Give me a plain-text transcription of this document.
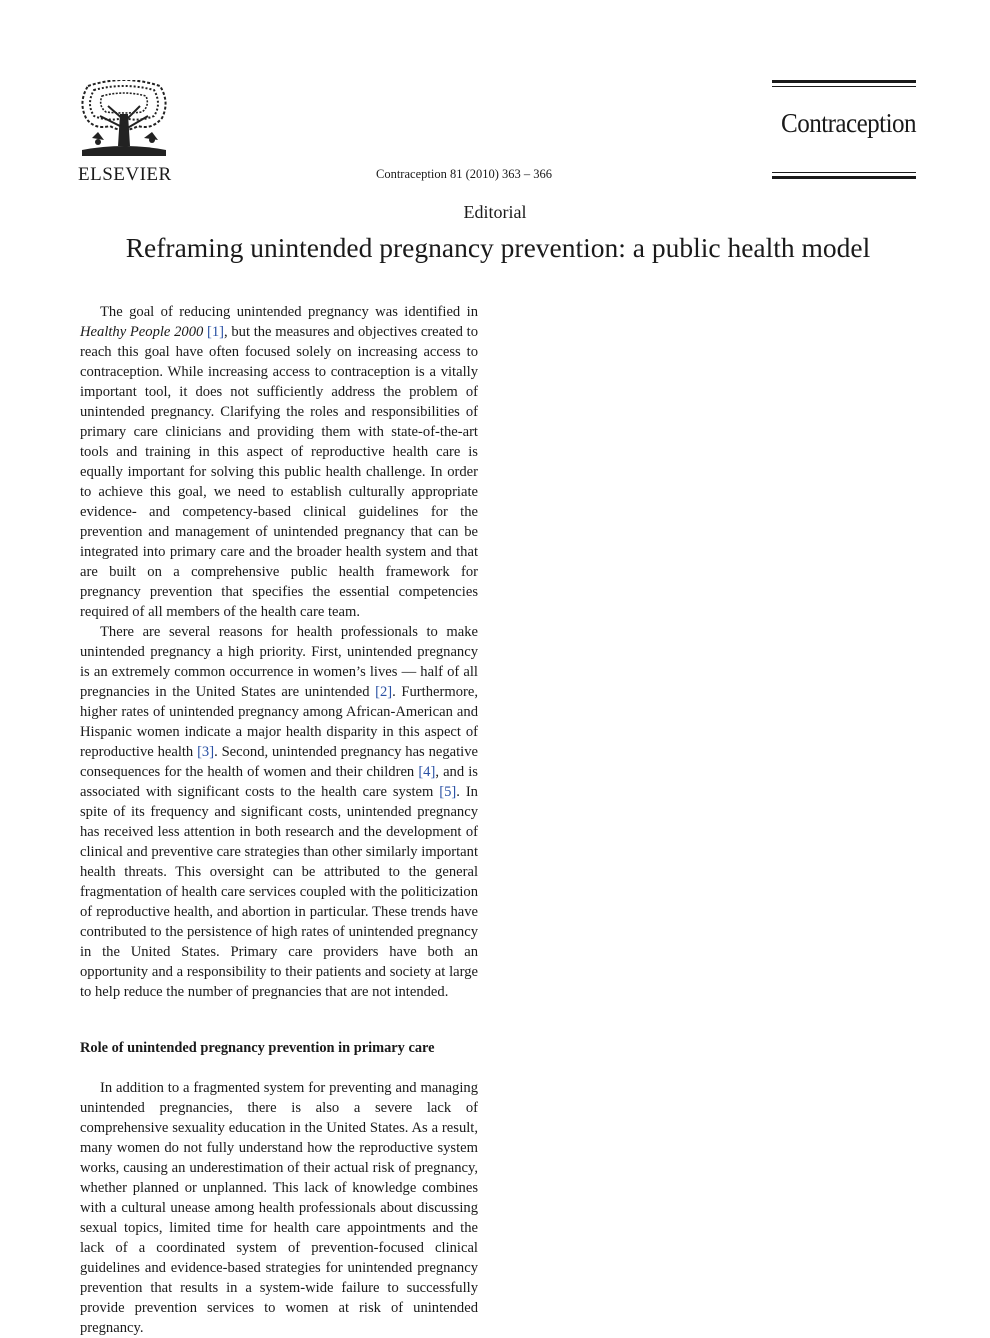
ELSEVIER	Contraception 81 (2010) 363 – 366
Contraception
Editorial
Reframing unintended pregnancy prevention: a public health model

The goal of reducing unintended pregnancy was identified in Healthy People 2000 [1], but the measures and objectives created to reach this goal have often focused solely on increasing access to contraception. While increasing access to contraception is a vitally important tool, it does not sufficiently address the problem of unintended pregnancy. Clarifying the roles and responsibilities of primary care clinicians and providing them with state-of-the-art tools and training in this aspect of reproductive health care is equally important for solving this public health challenge. In order to achieve this goal, we need to establish culturally appropriate evidence- and competency-based clinical guidelines for the prevention and management of unintended pregnancy that can be integrated into primary care and the broader health system and that are built on a comprehensive public health framework for pregnancy prevention that specifies the essential competencies required of all members of the health care team.

There are several reasons for health professionals to make unintended pregnancy a high priority. First, unintended pregnancy is an extremely common occurrence in women’s lives — half of all pregnancies in the United States are unintended [2]. Furthermore, higher rates of unintended pregnancy among African-American and Hispanic women indicate a major health disparity in this aspect of reproductive health [3]. Second, unintended pregnancy has negative consequences for the health of women and their children [4], and is associated with significant costs to the health care system [5]. In spite of its frequency and significant costs, unintended pregnancy has received less attention in both research and the development of clinical and preventive care strategies than other similarly important health threats. This oversight can be attributed to the general fragmentation of health care services coupled with the politicization of reproductive health, and abortion in particular. These trends have contributed to the persistence of high rates of unintended pregnancy in the United States. Primary care providers have both an opportunity and a responsibility to their patients and society at large to help reduce the number of pregnancies that are not intended.

Role of unintended pregnancy prevention in primary care

In addition to a fragmented system for preventing and managing unintended pregnancies, there is also a severe lack of comprehensive sexuality education in the United States. As a result, many women do not fully understand how the reproductive system works, causing an underestimation of their actual risk of pregnancy, whether planned or unplanned. This lack of knowledge combines with a cultural unease among health professionals about discussing sexual topics, limited time for health care appointments and the lack of a coordinated system of prevention-focused clinical guidelines and evidence-based strategies for unintended pregnancy prevention that results in a system-wide failure to successfully provide prevention services to women at risk of unintended pregnancy.
